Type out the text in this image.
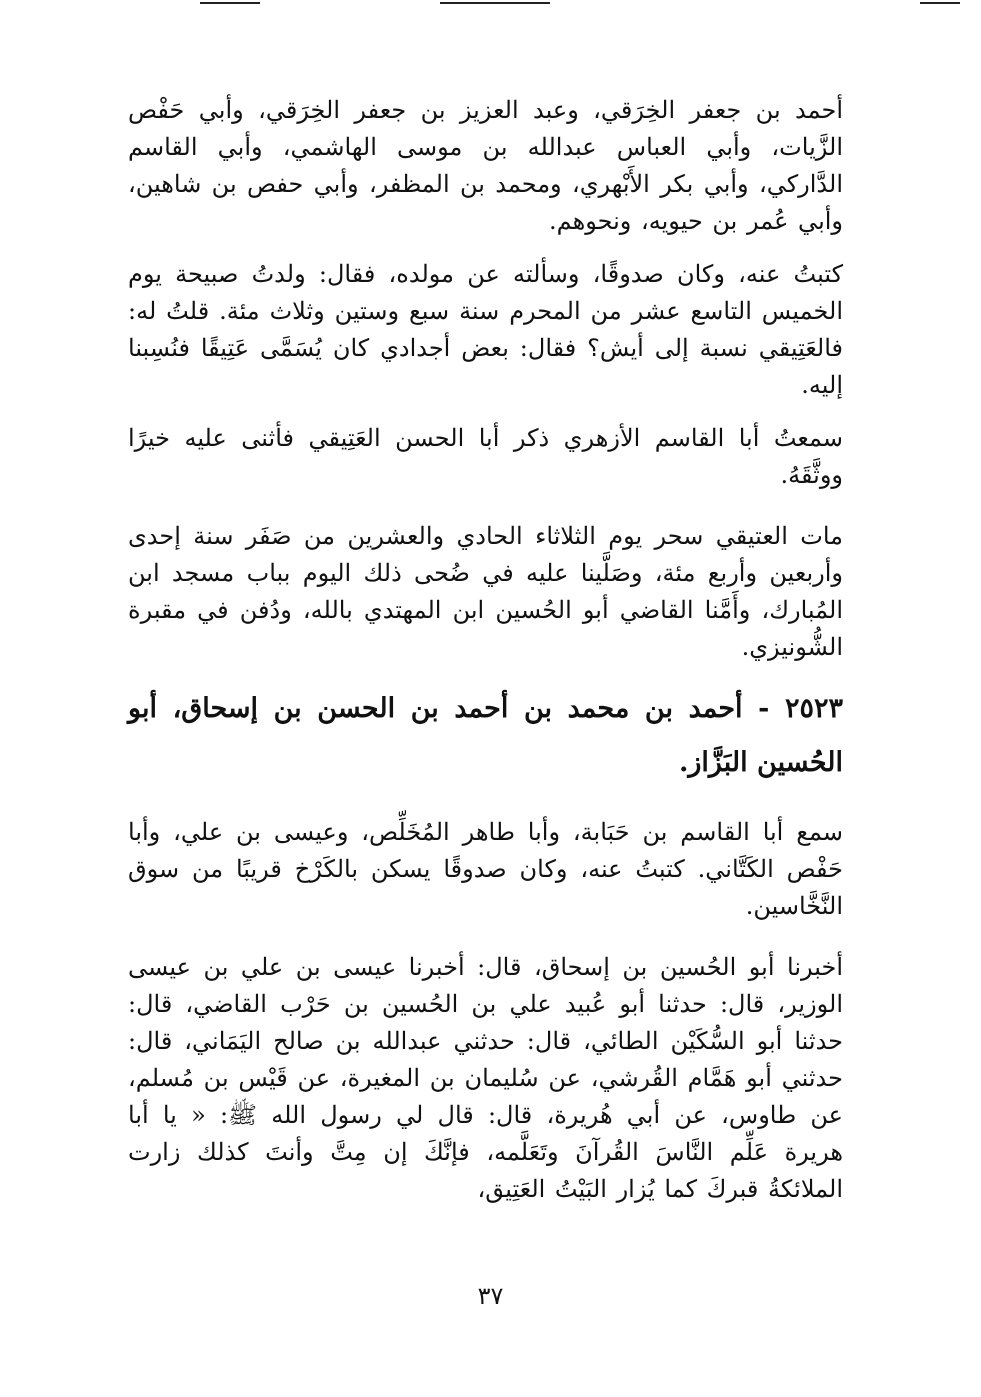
أحمد بن جعفر الخِرَقي، وعبد العزيز بن جعفر الخِرَقي، وأبي حَفْص الزَّيات، وأبي العباس عبدالله بن موسى الهاشمي، وأبي القاسم الدَّاركي، وأبي بكر الأَبْهري، ومحمد بن المظفر، وأبي حفص بن شاهين، وأبي عُمر بن حيويه، ونحوهم.

كتبتُ عنه، وكان صدوقًا، وسألته عن مولده، فقال: ولدتُ صبيحة يوم الخميس التاسع عشر من المحرم سنة سبع وستين وثلاث مئة. قلتُ له: فالعَتِيقي نسبة إلى أيش؟ فقال: بعض أجدادي كان يُسَمَّى عَتِيقًا فنُسِبنا إليه.

سمعتُ أبا القاسم الأزهري ذكر أبا الحسن العَتِيقي فأثنى عليه خيرًا ووثَّقَهُ.

مات العتيقي سحر يوم الثلاثاء الحادي والعشرين من صَفَر سنة إحدى وأربعين وأربع مئة، وصَلَّينا عليه في ضُحى ذلك اليوم بباب مسجد ابن المُبارك، وأَمَّنا القاضي أبو الحُسين ابن المهتدي بالله، ودُفن في مقبرة الشُّونيزي.

٢٥٢٣ - أحمد بن محمد بن أحمد بن الحسن بن إسحاق، أبو الحُسين البَزَّاز.

سمع أبا القاسم بن حَبَابة، وأبا طاهر المُخَلِّص، وعيسى بن علي، وأبا حَفْص الكَتَّاني. كتبتُ عنه، وكان صدوقًا يسكن بالكَرْخ قريبًا من سوق النَّخَّاسين.

أخبرنا أبو الحُسين بن إسحاق، قال: أخبرنا عيسى بن علي بن عيسى الوزير، قال: حدثنا أبو عُبيد علي بن الحُسين بن حَرْب القاضي، قال: حدثنا أبو السُّكَيْن الطائي، قال: حدثني عبدالله بن صالح اليَمَاني، قال: حدثني أبو هَمَّام القُرشي، عن سُليمان بن المغيرة، عن قَيْس بن مُسلم، عن طاوس، عن أبي هُريرة، قال: قال لي رسول الله ﷺ: « يا أبا هريرة عَلِّم النَّاسَ القُرآنَ وتَعَلَّمه، فإنَّكَ إن مِتَّ وأنتَ كذلك زارت الملائكةُ قبركَ كما يُزار البَيْتُ العَتِيق،

٣٧
